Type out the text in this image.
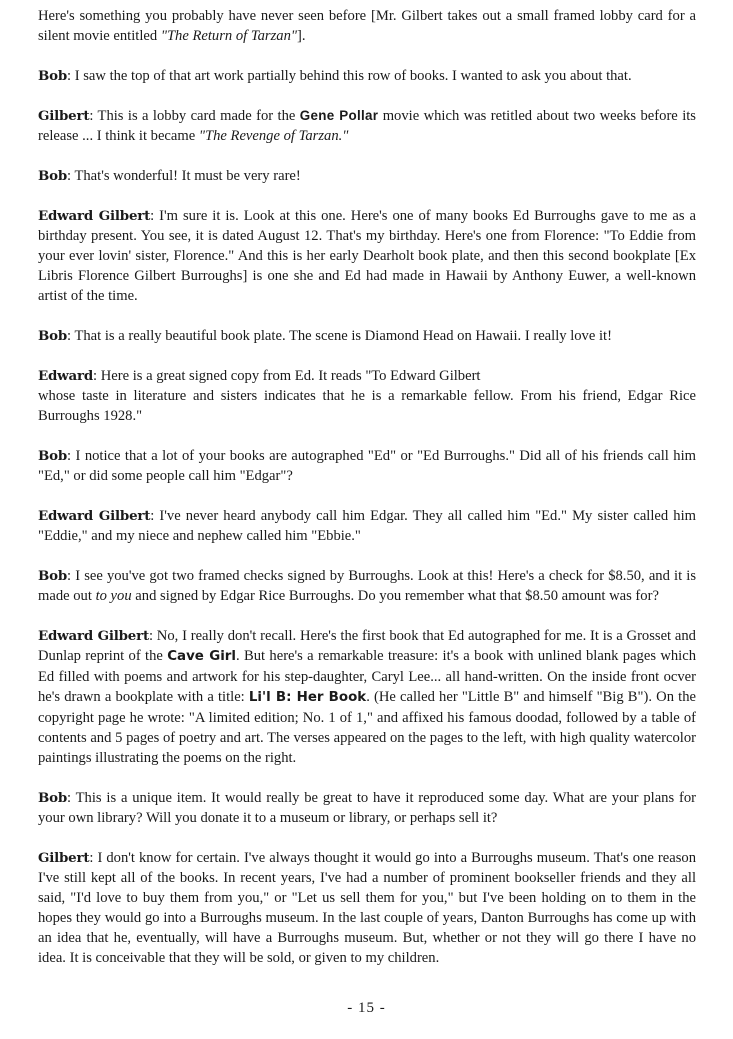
Here's something you probably have never seen before [Mr. Gilbert takes out a small framed lobby card for a silent movie entitled "The Return of Tarzan"].

Bob: I saw the top of that art work partially behind this row of books. I wanted to ask you about that.

Gilbert: This is a lobby card made for the Gene Pollar movie which was retitled about two weeks before its release ... I think it became "The Revenge of Tarzan."

Bob: That's wonderful! It must be very rare!

Edward Gilbert: I'm sure it is. Look at this one. Here's one of many books Ed Burroughs gave to me as a birthday present. You see, it is dated August 12. That's my birthday. Here's one from Florence: "To Eddie from your ever lovin' sister, Florence." And this is her early Dearholt book plate, and then this second bookplate [Ex Libris Florence Gilbert Burroughs] is one she and Ed had made in Hawaii by Anthony Euwer, a well-known artist of the time.

Bob: That is a really beautiful book plate. The scene is Diamond Head on Hawaii. I really love it!

Edward: Here is a great signed copy from Ed. It reads "To Edward Gilbert
whose taste in literature and sisters indicates that he is a remarkable fellow. From his friend, Edgar Rice Burroughs 1928."

Bob: I notice that a lot of your books are autographed "Ed" or "Ed Burroughs." Did all of his friends call him "Ed," or did some people call him "Edgar"?

Edward Gilbert: I've never heard anybody call him Edgar. They all called him "Ed." My sister called him "Eddie," and my niece and nephew called him "Ebbie."

Bob: I see you've got two framed checks signed by Burroughs. Look at this! Here's a check for $8.50, and it is made out to you and signed by Edgar Rice Burroughs. Do you remember what that $8.50 amount was for?

Edward Gilbert: No, I really don't recall. Here's the first book that Ed autographed for me. It is a Grosset and Dunlap reprint of the Cave Girl. But here's a remarkable treasure: it's a book with unlined blank pages which Ed filled with poems and artwork for his step-daughter, Caryl Lee... all hand-written. On the inside front ocver he's drawn a bookplate with a title: Li'l B: Her Book. (He called her "Little B" and himself "Big B"). On the copyright page he wrote: "A limited edition; No. 1 of 1," and affixed his famous doodad, followed by a table of contents and 5 pages of poetry and art. The verses appeared on the pages to the left, with high quality watercolor paintings illustrating the poems on the right.

Bob: This is a unique item. It would really be great to have it reproduced some day. What are your plans for your own library? Will you donate it to a museum or library, or perhaps sell it?

Gilbert: I don't know for certain. I've always thought it would go into a Burroughs museum. That's one reason I've still kept all of the books. In recent years, I've had a number of prominent bookseller friends and they all said, "I'd love to buy them from you," or "Let us sell them for you," but I've been holding on to them in the hopes they would go into a Burroughs museum. In the last couple of years, Danton Burroughs has come up with an idea that he, eventually, will have a Burroughs museum. But, whether or not they will go there I have no idea. It is conceivable that they will be sold, or given to my children.

- 15 -
